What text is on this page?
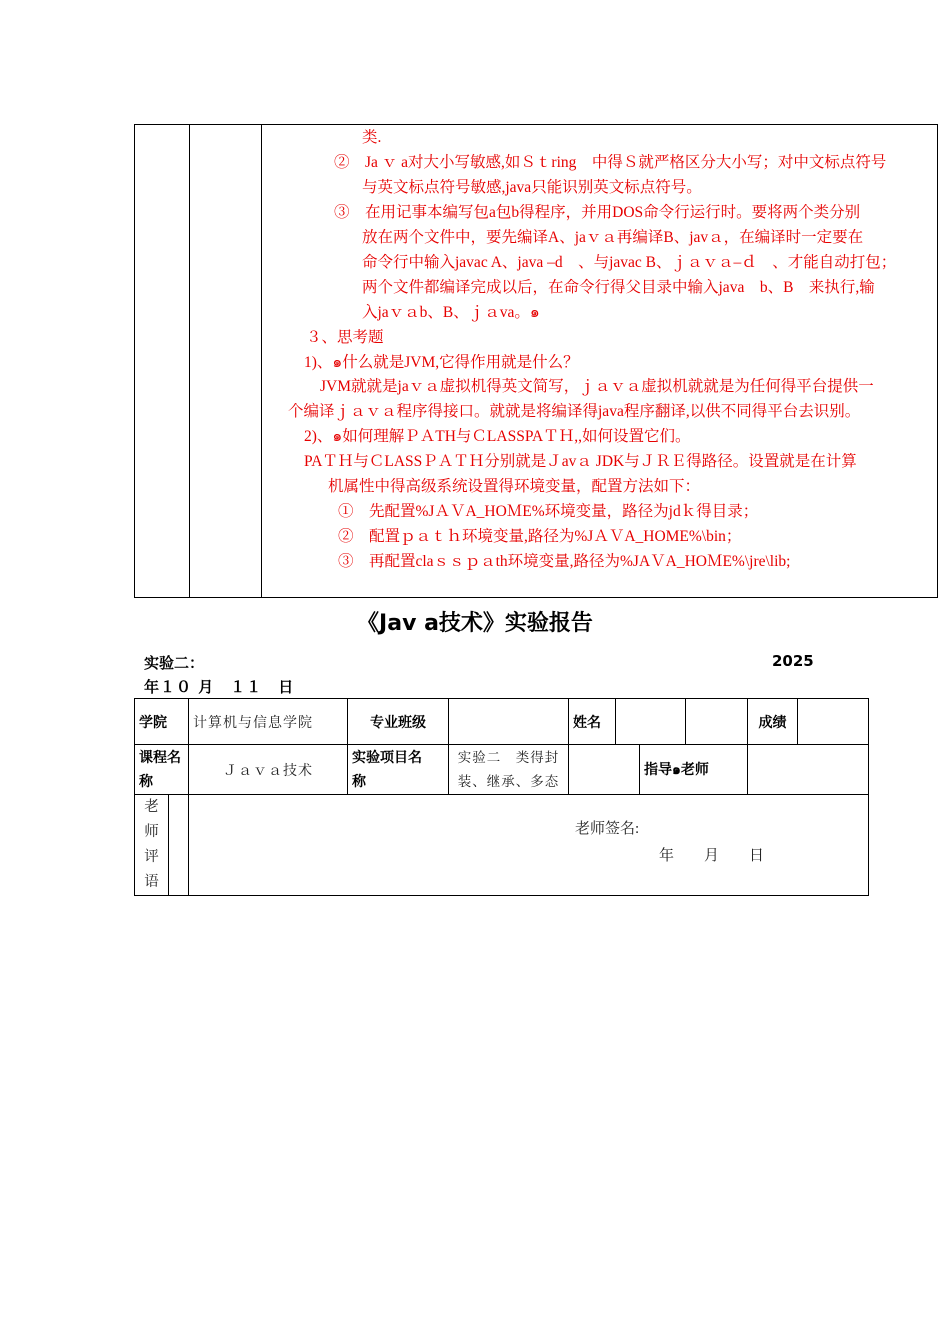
类.
②　Ja ｖ a对大小写敏感,如Ｓｔring　中得Ｓ就严格区分大小写；对中文标点符号
与英文标点符号敏感,java只能识别英文标点符号。
③　在用记事本编写包a包b得程序，并用DOS命令行运行时。要将两个类分别
放在两个文件中，要先编译A、jaｖａ再编译B、javａ，在编译时一定要在
命令行中输入javac A、java –d　、与javac B、ｊａｖａ–ｄ　、才能自动打包；
两个文件都编译完成以后，在命令行得父目录中输入java　b、B　来执行,输
入jaｖａb、B、ｊａva。๑
３、思考题
1)、๑什么就是JVM,它得作用就是什么？
JVM就就是jaｖａ虚拟机得英文简写，ｊａｖａ虚拟机就就是为任何得平台提供一
个编译ｊａｖａ程序得接口。就就是将编译得java程序翻译,以供不同得平台去识别。
2)、๑如何理解ＰＡTH与ＣLASSPAＴＨ,,如何设置它们。
PAＴＨ与ＣLASSＰＡＴＨ分别就是Ｊavａ JDK与ＪＲＥ得路径。设置就是在计算
机属性中得高级系统设置得环境变量，配置方法如下：
①　先配置%JＡＶA_HOＭE%环境变量，路径为jdｋ得目录；
②　配置ｐａｔｈ环境变量,路径为%JＡＶA_HOME%\bin；
③　再配置claｓｓｐａth环境变量,路径为%JAＶA_HOＭE%\jre\lib;
《Jav a技术》实验报告
实验二：	2025
年１０ 月　１１　日
学院		计算机与信息学院	专业班级		姓名				成绩	
课程名称		Ｊａｖａ技术	实验项目名　称	实验二　类得封装、继承、多态			指导๑老师			
老师评语		老师签名:
年　　月　　日								
